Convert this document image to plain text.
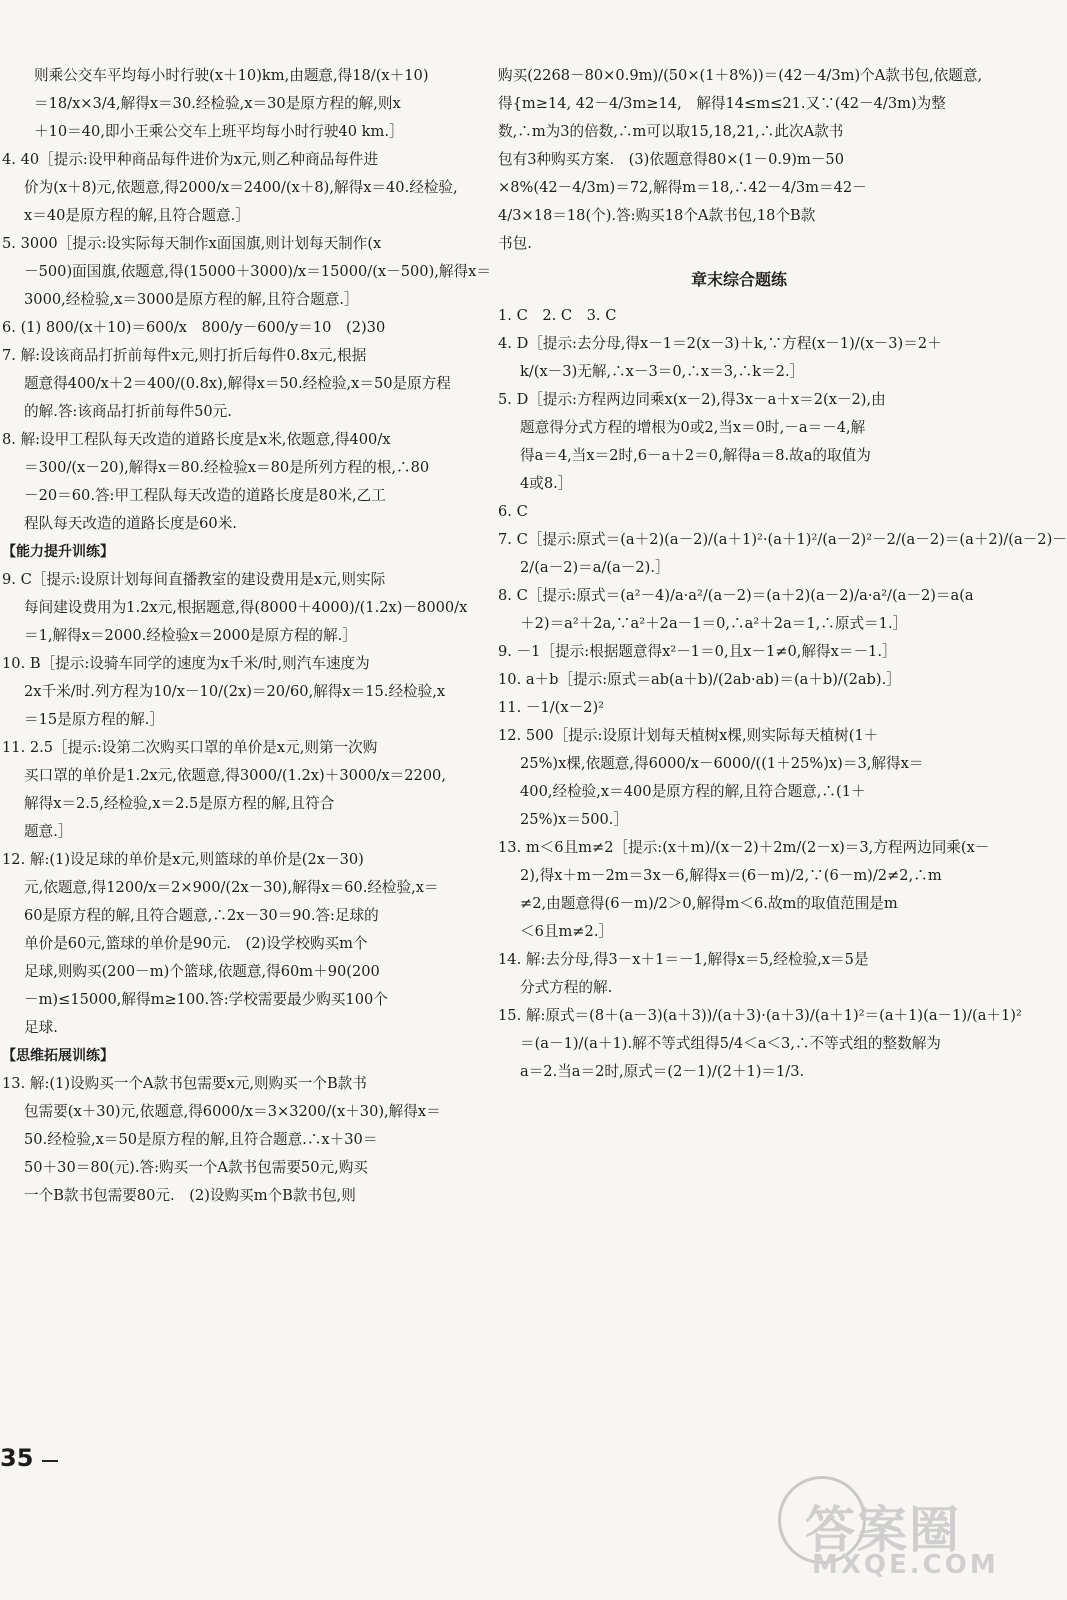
则乘公交车平均每小时行驶(x＋10)km,由题意,得18/(x＋10)
＝18/x×3/4,解得x＝30.经检验,x＝30是原方程的解,则x
＋10＝40,即小王乘公交车上班平均每小时行驶40 km.］
4. 40［提示:设甲种商品每件进价为x元,则乙种商品每件进
价为(x＋8)元,依题意,得2000/x＝2400/(x＋8),解得x＝40.经检验,
x＝40是原方程的解,且符合题意.］
5. 3000［提示:设实际每天制作x面国旗,则计划每天制作(x
－500)面国旗,依题意,得(15000＋3000)/x＝15000/(x－500),解得x＝
3000,经检验,x＝3000是原方程的解,且符合题意.］
6. (1) 800/(x＋10)＝600/x　800/y－600/y＝10　(2)30
7. 解:设该商品打折前每件x元,则打折后每件0.8x元,根据
题意得400/x＋2＝400/(0.8x),解得x＝50.经检验,x＝50是原方程
的解.答:该商品打折前每件50元.
8. 解:设甲工程队每天改造的道路长度是x米,依题意,得400/x
＝300/(x－20),解得x＝80.经检验x＝80是所列方程的根,∴80
－20＝60.答:甲工程队每天改造的道路长度是80米,乙工
程队每天改造的道路长度是60米.
【能力提升训练】
9. C［提示:设原计划每间直播教室的建设费用是x元,则实际
每间建设费用为1.2x元,根据题意,得(8000＋4000)/(1.2x)－8000/x
＝1,解得x＝2000.经检验x＝2000是原方程的解.］
10. B［提示:设骑车同学的速度为x千米/时,则汽车速度为
2x千米/时.列方程为10/x－10/(2x)＝20/60,解得x＝15.经检验,x
＝15是原方程的解.］
11. 2.5［提示:设第二次购买口罩的单价是x元,则第一次购
买口罩的单价是1.2x元,依题意,得3000/(1.2x)＋3000/x＝2200,
解得x＝2.5,经检验,x＝2.5是原方程的解,且符合
题意.］
12. 解:(1)设足球的单价是x元,则篮球的单价是(2x－30)
元,依题意,得1200/x＝2×900/(2x－30),解得x＝60.经检验,x＝
60是原方程的解,且符合题意,∴2x－30＝90.答:足球的
单价是60元,篮球的单价是90元.　(2)设学校购买m个
足球,则购买(200－m)个篮球,依题意,得60m＋90(200
－m)≤15000,解得m≥100.答:学校需要最少购买100个
足球.
【思维拓展训练】
13. 解:(1)设购买一个A款书包需要x元,则购买一个B款书
包需要(x＋30)元,依题意,得6000/x＝3×3200/(x＋30),解得x＝
50.经检验,x＝50是原方程的解,且符合题意.∴x＋30＝
50＋30＝80(元).答:购买一个A款书包需要50元,购买
一个B款书包需要80元.　(2)设购买m个B款书包,则
购买(2268－80×0.9m)/(50×(1＋8%))＝(42－4/3m)个A款书包,依题意,
得{m≥14, 42－4/3m≥14,　解得14≤m≤21.又∵(42－4/3m)为整
数,∴m为3的倍数,∴m可以取15,18,21,∴此次A款书
包有3种购买方案.　(3)依题意得80×(1－0.9)m－50
×8%(42－4/3m)＝72,解得m＝18,∴42－4/3m＝42－
4/3×18＝18(个).答:购买18个A款书包,18个B款
书包.
章末综合题练
1. C　2. C　3. C
4. D［提示:去分母,得x－1＝2(x－3)＋k,∵方程(x－1)/(x－3)＝2＋
k/(x－3)无解,∴x－3＝0,∴x＝3,∴k＝2.］
5. D［提示:方程两边同乘x(x－2),得3x－a＋x＝2(x－2),由
题意得分式方程的增根为0或2,当x＝0时,－a＝－4,解
得a＝4,当x＝2时,6－a＋2＝0,解得a＝8.故a的取值为
4或8.］
6. C
7. C［提示:原式＝(a＋2)(a－2)/(a＋1)²·(a＋1)²/(a－2)²－2/(a－2)＝(a＋2)/(a－2)－
2/(a－2)＝a/(a－2).］
8. C［提示:原式＝(a²－4)/a·a²/(a－2)＝(a＋2)(a－2)/a·a²/(a－2)＝a(a
＋2)＝a²＋2a,∵a²＋2a－1＝0,∴a²＋2a＝1,∴原式＝1.］
9. －1［提示:根据题意得x²－1＝0,且x－1≠0,解得x＝－1.］
10. a＋b［提示:原式＝ab(a＋b)/(2ab·ab)＝(a＋b)/(2ab).］
11. －1/(x－2)²
12. 500［提示:设原计划每天植树x棵,则实际每天植树(1＋
25%)x棵,依题意,得6000/x－6000/((1＋25%)x)＝3,解得x＝
400,经检验,x＝400是原方程的解,且符合题意,∴(1＋
25%)x＝500.］
13. m＜6且m≠2［提示:(x＋m)/(x－2)＋2m/(2－x)＝3,方程两边同乘(x－
2),得x＋m－2m＝3x－6,解得x＝(6－m)/2,∵(6－m)/2≠2,∴m
≠2,由题意得(6－m)/2＞0,解得m＜6.故m的取值范围是m
＜6且m≠2.］
14. 解:去分母,得3－x＋1＝－1,解得x＝5,经检验,x＝5是
分式方程的解.
15. 解:原式＝(8＋(a－3)(a＋3))/(a＋3)·(a＋3)/(a＋1)²＝(a＋1)(a－1)/(a＋1)²
＝(a－1)/(a＋1).解不等式组得5/4＜a＜3,∴不等式组的整数解为
a＝2.当a＝2时,原式＝(2－1)/(2＋1)＝1/3.
35
答案圈
MXQE.COM
